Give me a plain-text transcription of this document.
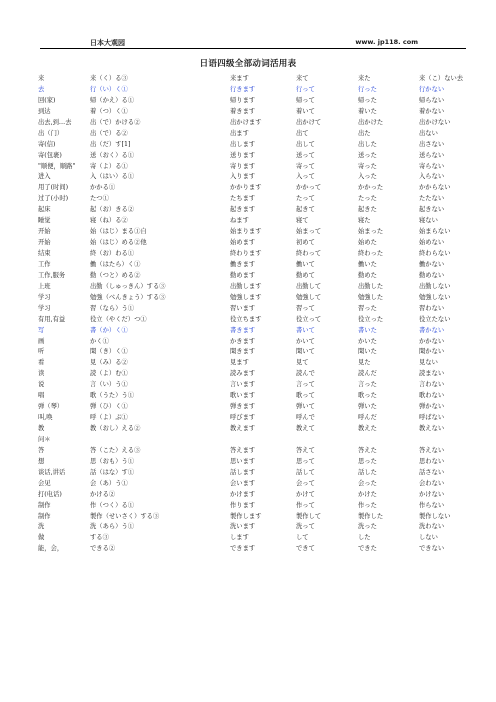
日本大观园	www. jp118. com
日语四级全部动词活用表
来	来（く）る③	来ます	来て	来た	来（こ）ない去
去	行（い）く①	行きます	行って	行った	行かない
回(家)	帰（かえ）る①	帰ります	帰って	帰った	帰らない
到达	着（つ）く①	着きます	着いて	着いた	着かない
出去,到…去	出（で）かける②	出かけます	出かけて	出かけた	出かけない
出（门）	出（で）る②	出ます	出て	出た	出ない
寄(信)	出（だ）す[1]	出します	出して	出した	出さない
寄(包裹)	送（おく）る①	送ります	送って	送った	送らない
"顺便，顺路" 寄（よ）る①	寄ります	寄って	寄った	寄らない
进入	入（はい）る①	入ります	入って	入った	入らない
用了(时间)	かかる①	かかります	かかって	かかった	かからない
过了(小时)	たつ①	たちます	たって	たった	たたない
起床	起（お）きる②	起きます	起きて	起きた	起きない
睡觉	寝（ね）る②	ねます	寝て	寝た	寝ない
开始	始（はじ）まる①自	始まります	始まって	始まった	始まらない
开始	始（はじ）める②他	始めます	初めて	始めた	始めない
结束	終（お）わる①	終わります	終わって	終わった	終わらない
工作	働（はたら）く①	働きます	働いて	働いた	働かない
工作,服务	勤（つと）める②	勤めます	勤めて	勤めた	勤めない
上班	出勤（しゅっきん）する③	出勤します	出勤して	出勤した	出勤しない
学习	勉強（べんきょう）する③	勉強します	勉強して	勉強した	勉強しない
学习	習（なら）う①	習います	習って	習った	習わない
有用,有益	役立（やくだ）つ①	役立ちます	役立って	役立った	役立たない
写	書（か）く①	書きます	書いて	書いた	書かない
画	かく①	かきます	かいて	かいた	かかない
听	聞（き）く①	聞きます	聞いて	聞いた	聞かない
看	見（み）る②	見ます	見て	見た	見ない
读	読（よ）む①	読みます	読んで	読んだ	読まない
说	言（い）う①	言います	言って	言った	言わない
唱	歌（うた）う①	歌います	歌って	歌った	歌わない
弹（琴）	弾（ひ）く①	弾きます	弾いて	弾いた	弾かない
叫,唤	呼（よ）ぶ①	呼びます	呼んで	呼んだ	呼ばない
教	教（おし）える②	教えます	教えて	教えた	教えない
问＊
答	答（こた）える③	答えます	答えて	答えた	答えない
想	思（おも）う①	思います	思って	思った	思わない
谈话,讲话	話（はな）す①	話します	話して	話した	話さない
会见	会（あ）う①	会います	会って	会った	会わない
打(电话)	かける②	かけます	かけて	かけた	かけない
制作	作（つく）る①	作ります	作って	作った	作らない
制作	製作（せいさく）する③	製作します	製作して	製作した	製作しない
洗	洗（あら）う①	洗います	洗って	洗った	洗わない
做	する③	します	して	した	しない
能，会，	できる②	できます	できて	できた	できない
